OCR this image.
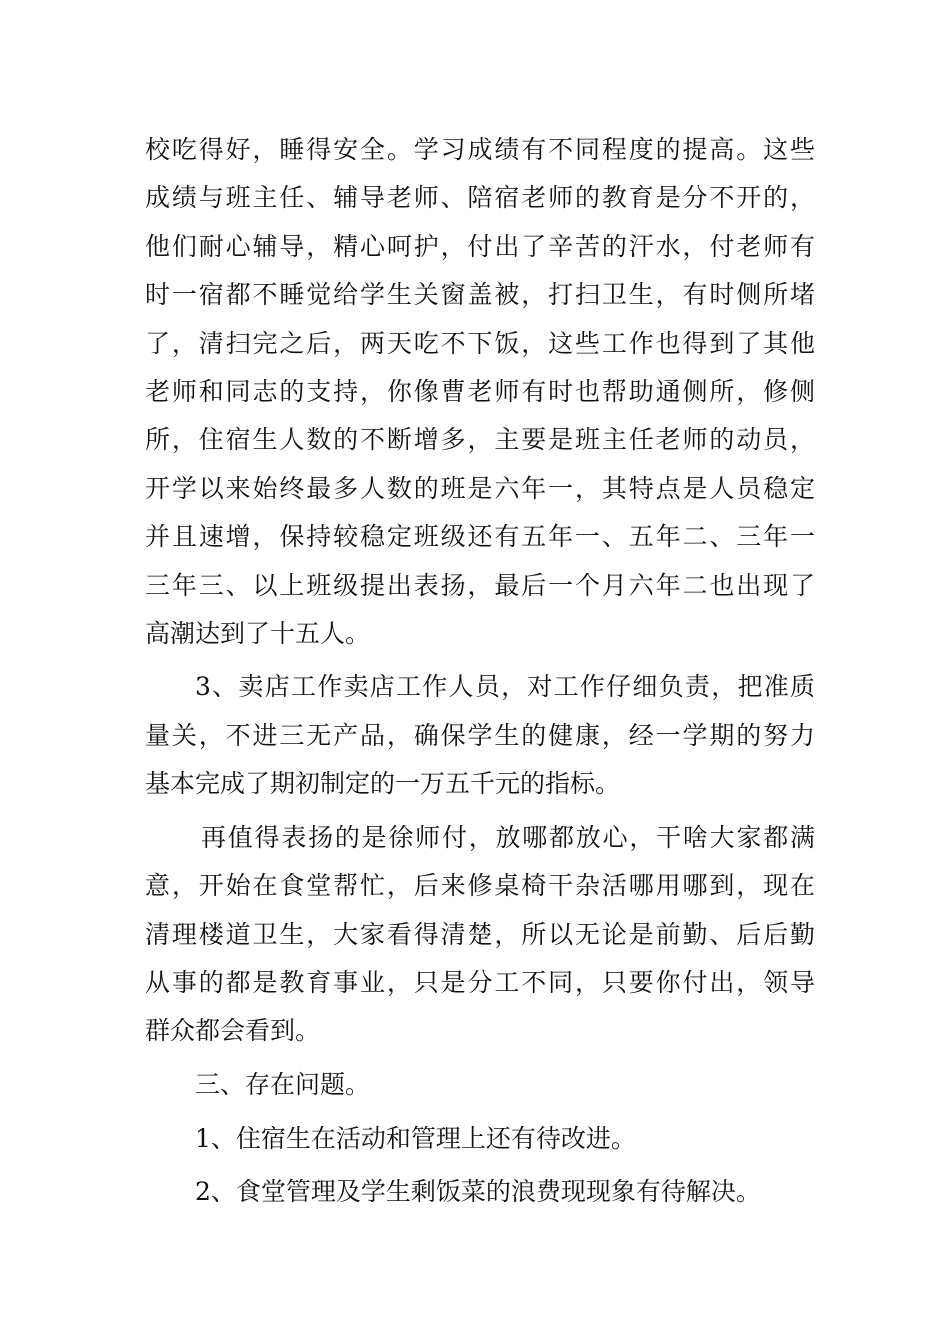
校吃得好，睡得安全。学习成绩有不同程度的提高。这些
成绩与班主任、辅导老师、陪宿老师的教育是分不开的，
他们耐心辅导，精心呵护，付出了辛苦的汗水，付老师有
时一宿都不睡觉给学生关窗盖被，打扫卫生，有时侧所堵
了，清扫完之后，两天吃不下饭，这些工作也得到了其他
老师和同志的支持，你像曹老师有时也帮助通侧所，修侧
所，住宿生人数的不断增多，主要是班主任老师的动员，
开学以来始终最多人数的班是六年一，其特点是人员稳定
并且速增，保持较稳定班级还有五年一、五年二、三年一
三年三、以上班级提出表扬，最后一个月六年二也出现了
高潮达到了十五人。
3、卖店工作卖店工作人员，对工作仔细负责，把准质
量关，不进三无产品，确保学生的健康，经一学期的努力
基本完成了期初制定的一万五千元的指标。
再值得表扬的是徐师付，放哪都放心，干啥大家都满
意，开始在食堂帮忙，后来修桌椅干杂活哪用哪到，现在
清理楼道卫生，大家看得清楚，所以无论是前勤、后后勤
从事的都是教育事业，只是分工不同，只要你付出，领导
群众都会看到。
三、存在问题。
1、住宿生在活动和管理上还有待改进。
2、食堂管理及学生剩饭菜的浪费现现象有待解决。
